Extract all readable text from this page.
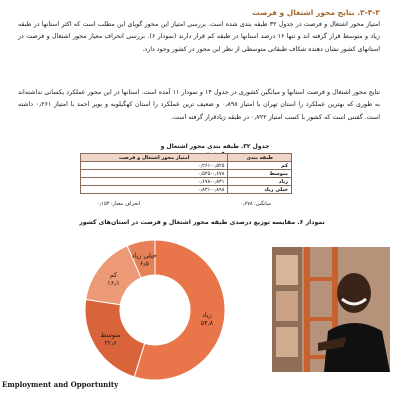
۳-۳-۲. نتایج محور اشتغال و فرصت

امتیاز محور اشتغال و فرصت در جدول ۳۲ طبقه بندی شده است. بررسی امتیاز این محور گویای این مطلب است که اکثر استانها در طبقه زیاد و متوسط قرار گرفته اند و تنها ۱۶ درصد استانها در طبقه کم قرار دارند (نمودار ۶). بررسی انحراف معیار محور اشتغال و فرصت در استانهای کشور نشان دهنده شکاف طبقاتی متوسطی از نظر این محور در کشور وجود دارد.

نتایج محور اشتغال و فرصت استانها و میانگین کشوری در جدول ۱۴ و نمودار ۱۱ آمده است. استانها در این محور عملکرد یکسانی نداشته‌اند به طوری که بهترین عملکرد را استان تهران با امتیاز ۰٫۸۹۸ و ضعیف ترین عملکرد را استان کهگیلویه و بویر احمد با امتیاز ۰٫۲۶۱ داشته است. گفتنی است که کشور با کسب امتیاز ۰٫۷۲۲ در طبقه زیادقرار گرفته است.

جدول ۳۲. طبقه بندی محور اشتغال و
طبقه بندی	امتیاز محور اشتغال و فرصت
کم	۰٫۲۶۱-۰٫۵۲۵
متوسط	۰٫۵۲۵-۰٫۶۷۸
زیاد	۰٫۶۷۸-۰٫۸۳۱
خیلی زیاد	۰٫۸۳۱-۰٫۸۹۸
میانگین: ۰٫۶۷۸
انحراف معیار: ۰٫۱۵۳
نمودار ۶. مقایسه توزیع درصدی طبقه محور اشتغال و فرصت در استان‌های کشور
زیاد
۵۴٫۸
متوسط
۲۲٫۶
کم
۱۶٫۱
خیلی زیاد
۶٫۵
Employment and Opportunity
